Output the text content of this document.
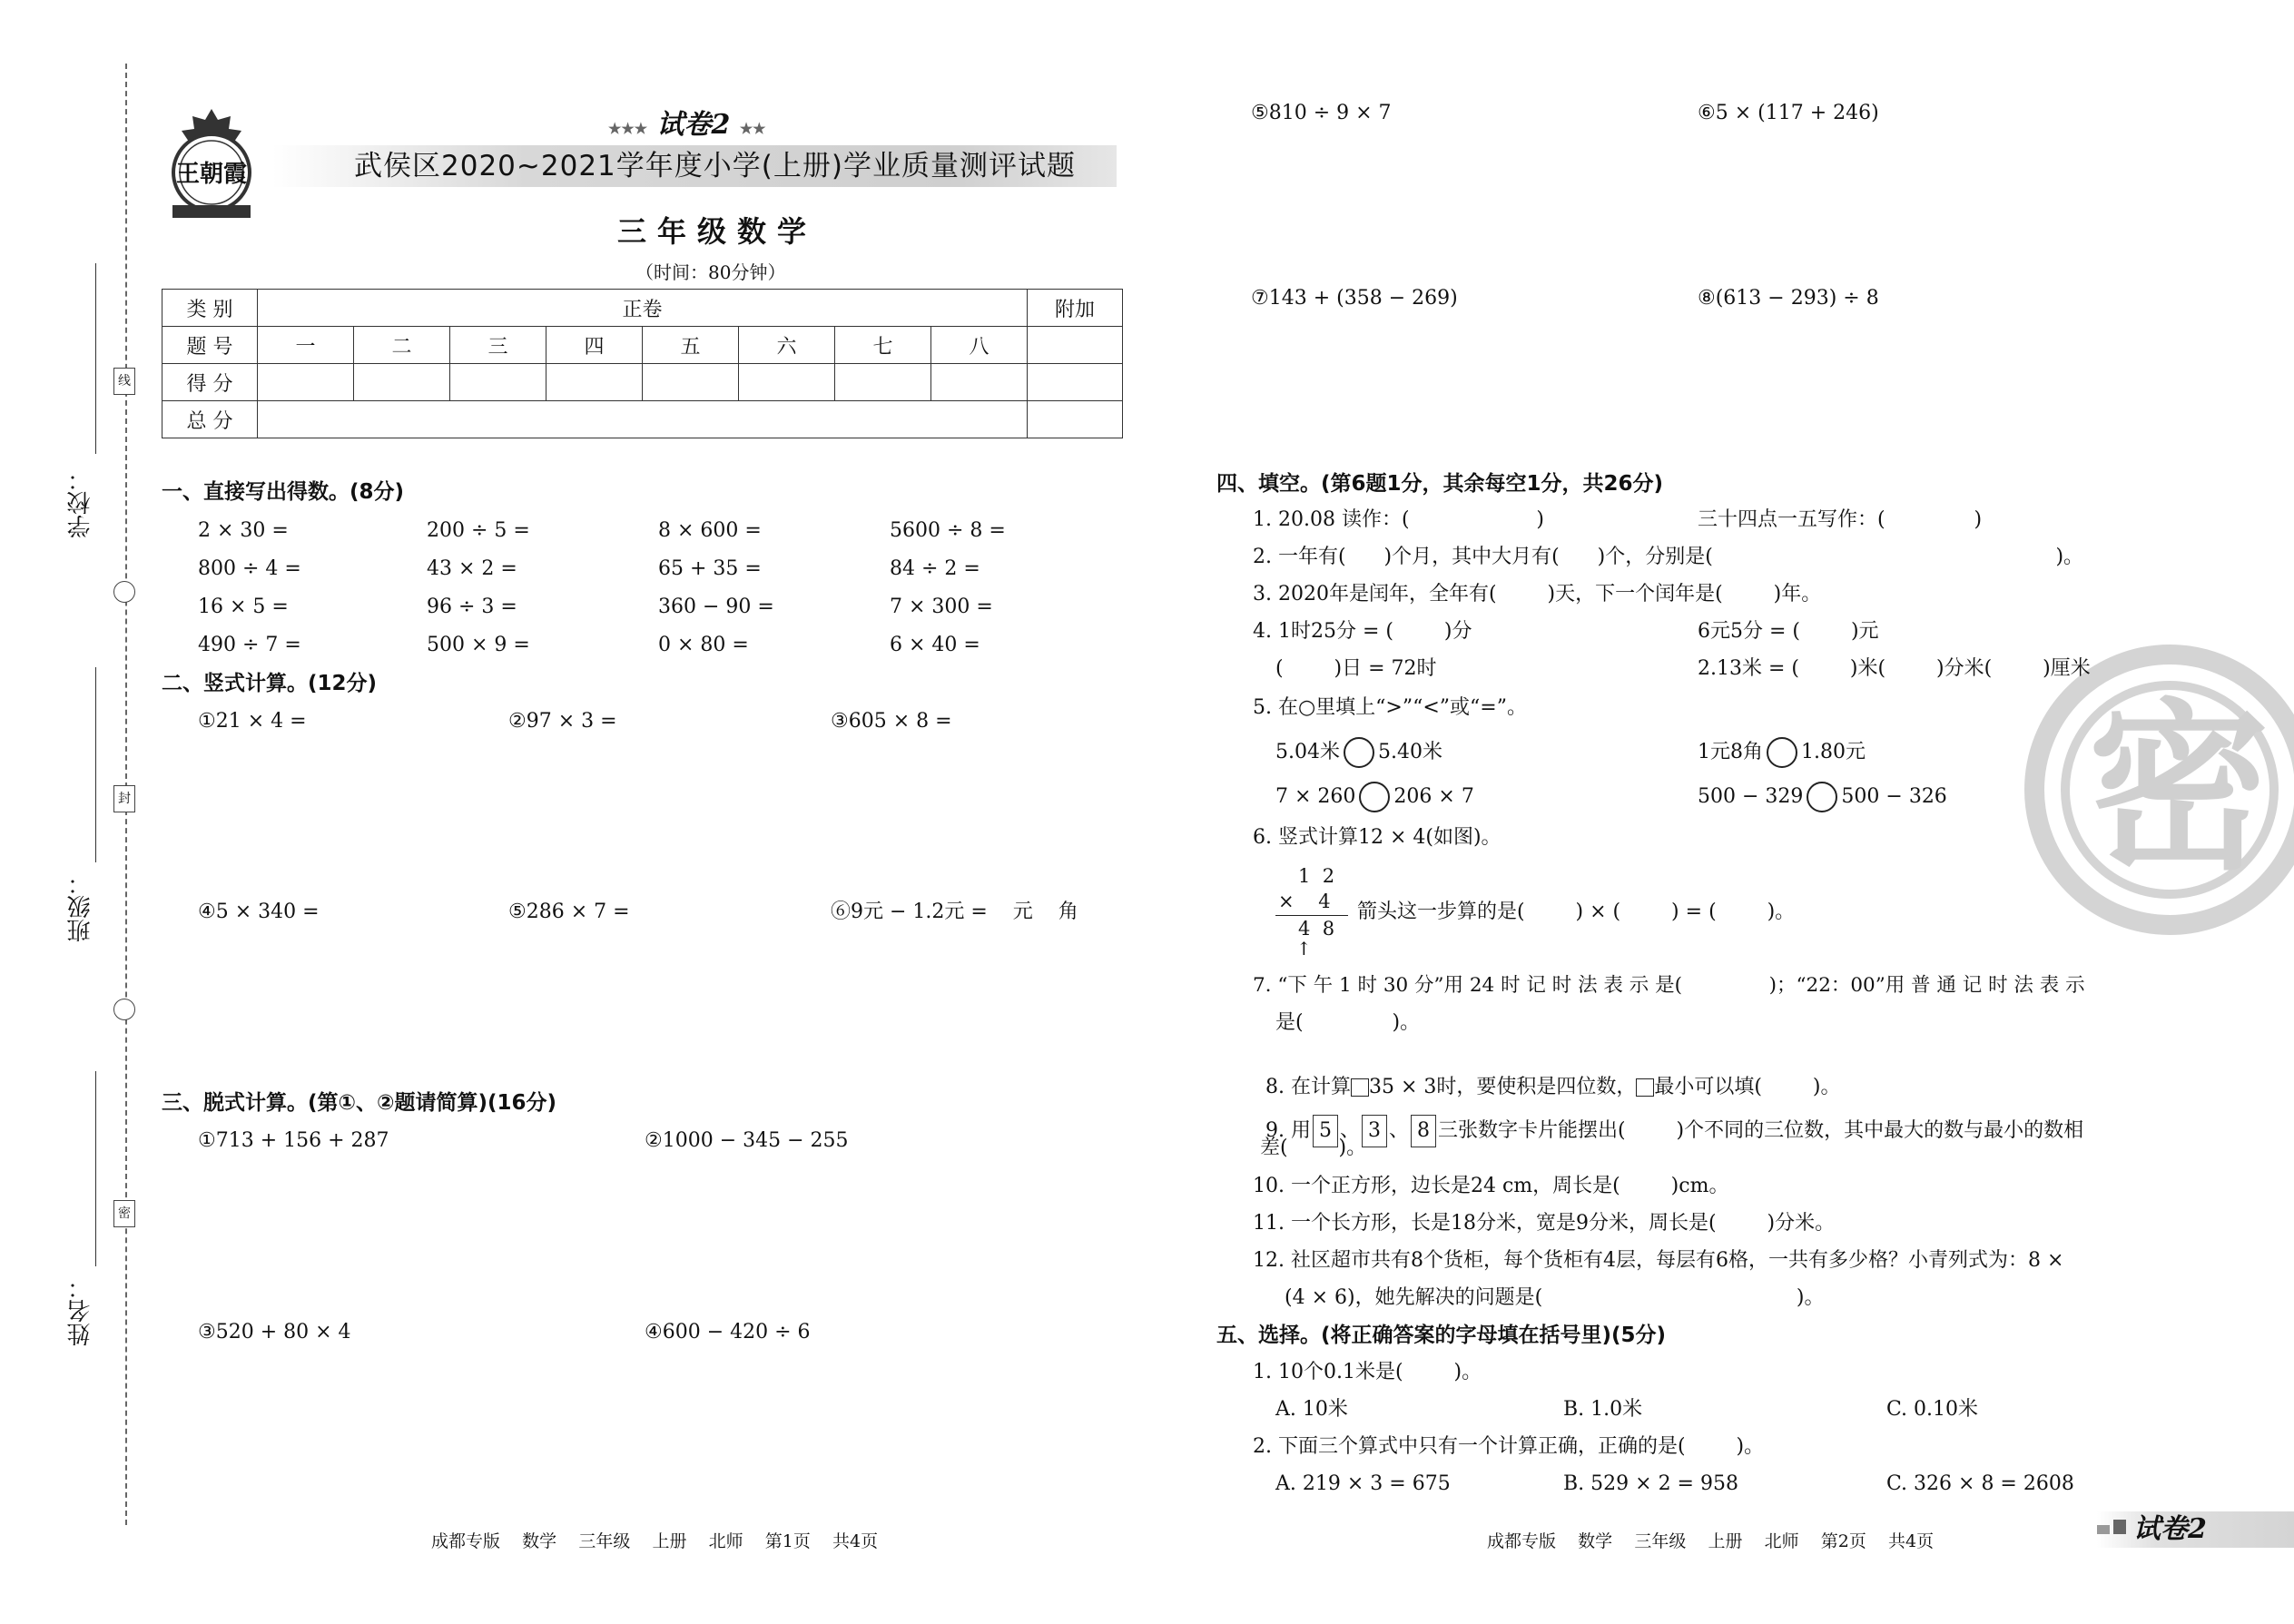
学校：
班级：
姓名：
线
封
密
王朝霞
★★★ 试卷2 ★★
武侯区2020~2021学年度小学(上册)学业质量测评试题
三年级数学
（时间：80分钟）
类 别	正卷								附加
题 号	一	二	三	四	五	六	七	八	
得 分									
总 分									
一、直接写出得数。(8分)
2 × 30 =	200 ÷ 5 =	8 × 600 =	5600 ÷ 8 =
800 ÷ 4 =	43 × 2 =	65 + 35 =	84 ÷ 2 =
16 × 5 =	96 ÷ 3 =	360 − 90 =	7 × 300 =
490 ÷ 7 =	500 × 9 =	0 × 80 =	6 × 40 =
二、竖式计算。(12分)
①21 × 4 =	②97 × 3 =	③605 × 8 =
④5 × 340 =	⑤286 × 7 =	⑥9元 − 1.2元 =    元    角
三、脱式计算。(第①、②题请简算)(16分)
①713 + 156 + 287	②1000 − 345 − 255
③520 + 80 × 4	④600 − 420 ÷ 6
⑤810 ÷ 9 × 7	⑥5 × (117 + 246)
⑦143 + (358 − 269)	⑧(613 − 293) ÷ 8
密
四、填空。(第6题1分，其余每空1分，共26分)
1. 20.08 读作：(                    )	三十四点一五写作：(              )
2. 一年有(      )个月，其中大月有(      )个，分别是(                                                      )。
3. 2020年是闰年，全年有(        )天，下一个闰年是(        )年。
4. 1时25分 = (        )分	6元5分 = (        )元
(        )日 = 72时	2.13米 = (        )米(        )分米(        )厘米
5. 在○里填上“>”“<”或“=”。
5.04米 5.40米	1元8角 1.80元
7 × 260 206 × 7	500 − 329 500 − 326
6. 竖式计算12 × 4(如图)。
1  2
×    4
4  8
↑
箭头这一步算的是(        ) × (        ) = (        )。
7. “下 午 1 时 30 分”用 24 时 记 时 法 表 示 是(              )；“22：00”用 普 通 记 时 法 表 示
是(              )。

8. 在计算 35 × 3时，要使积是四位数， 最小可以填(        )。

9. 用 5 、 3 、 8 三张数字卡片能摆出(        )个不同的三位数，其中最大的数与最小的数相

差(        )。
10. 一个正方形，边长是24 cm，周长是(        )cm。
11. 一个长方形，长是18分米，宽是9分米，周长是(        )分米。
12. 社区超市共有8个货柜，每个货柜有4层，每层有6格，一共有多少格？小青列式为：8 ×
(4 × 6)，她先解决的问题是(                                        )。
五、选择。(将正确答案的字母填在括号里)(5分)
1. 10个0.1米是(        )。
A. 10米	B. 1.0米	C. 0.10米
2. 下面三个算式中只有一个计算正确，正确的是(        )。
A. 219 × 3 = 675	B. 529 × 2 = 958	C. 326 × 8 = 2608
成都专版    数学    三年级    上册    北师    第1页    共4页	成都专版    数学    三年级    上册    北师    第2页    共4页	试卷2
